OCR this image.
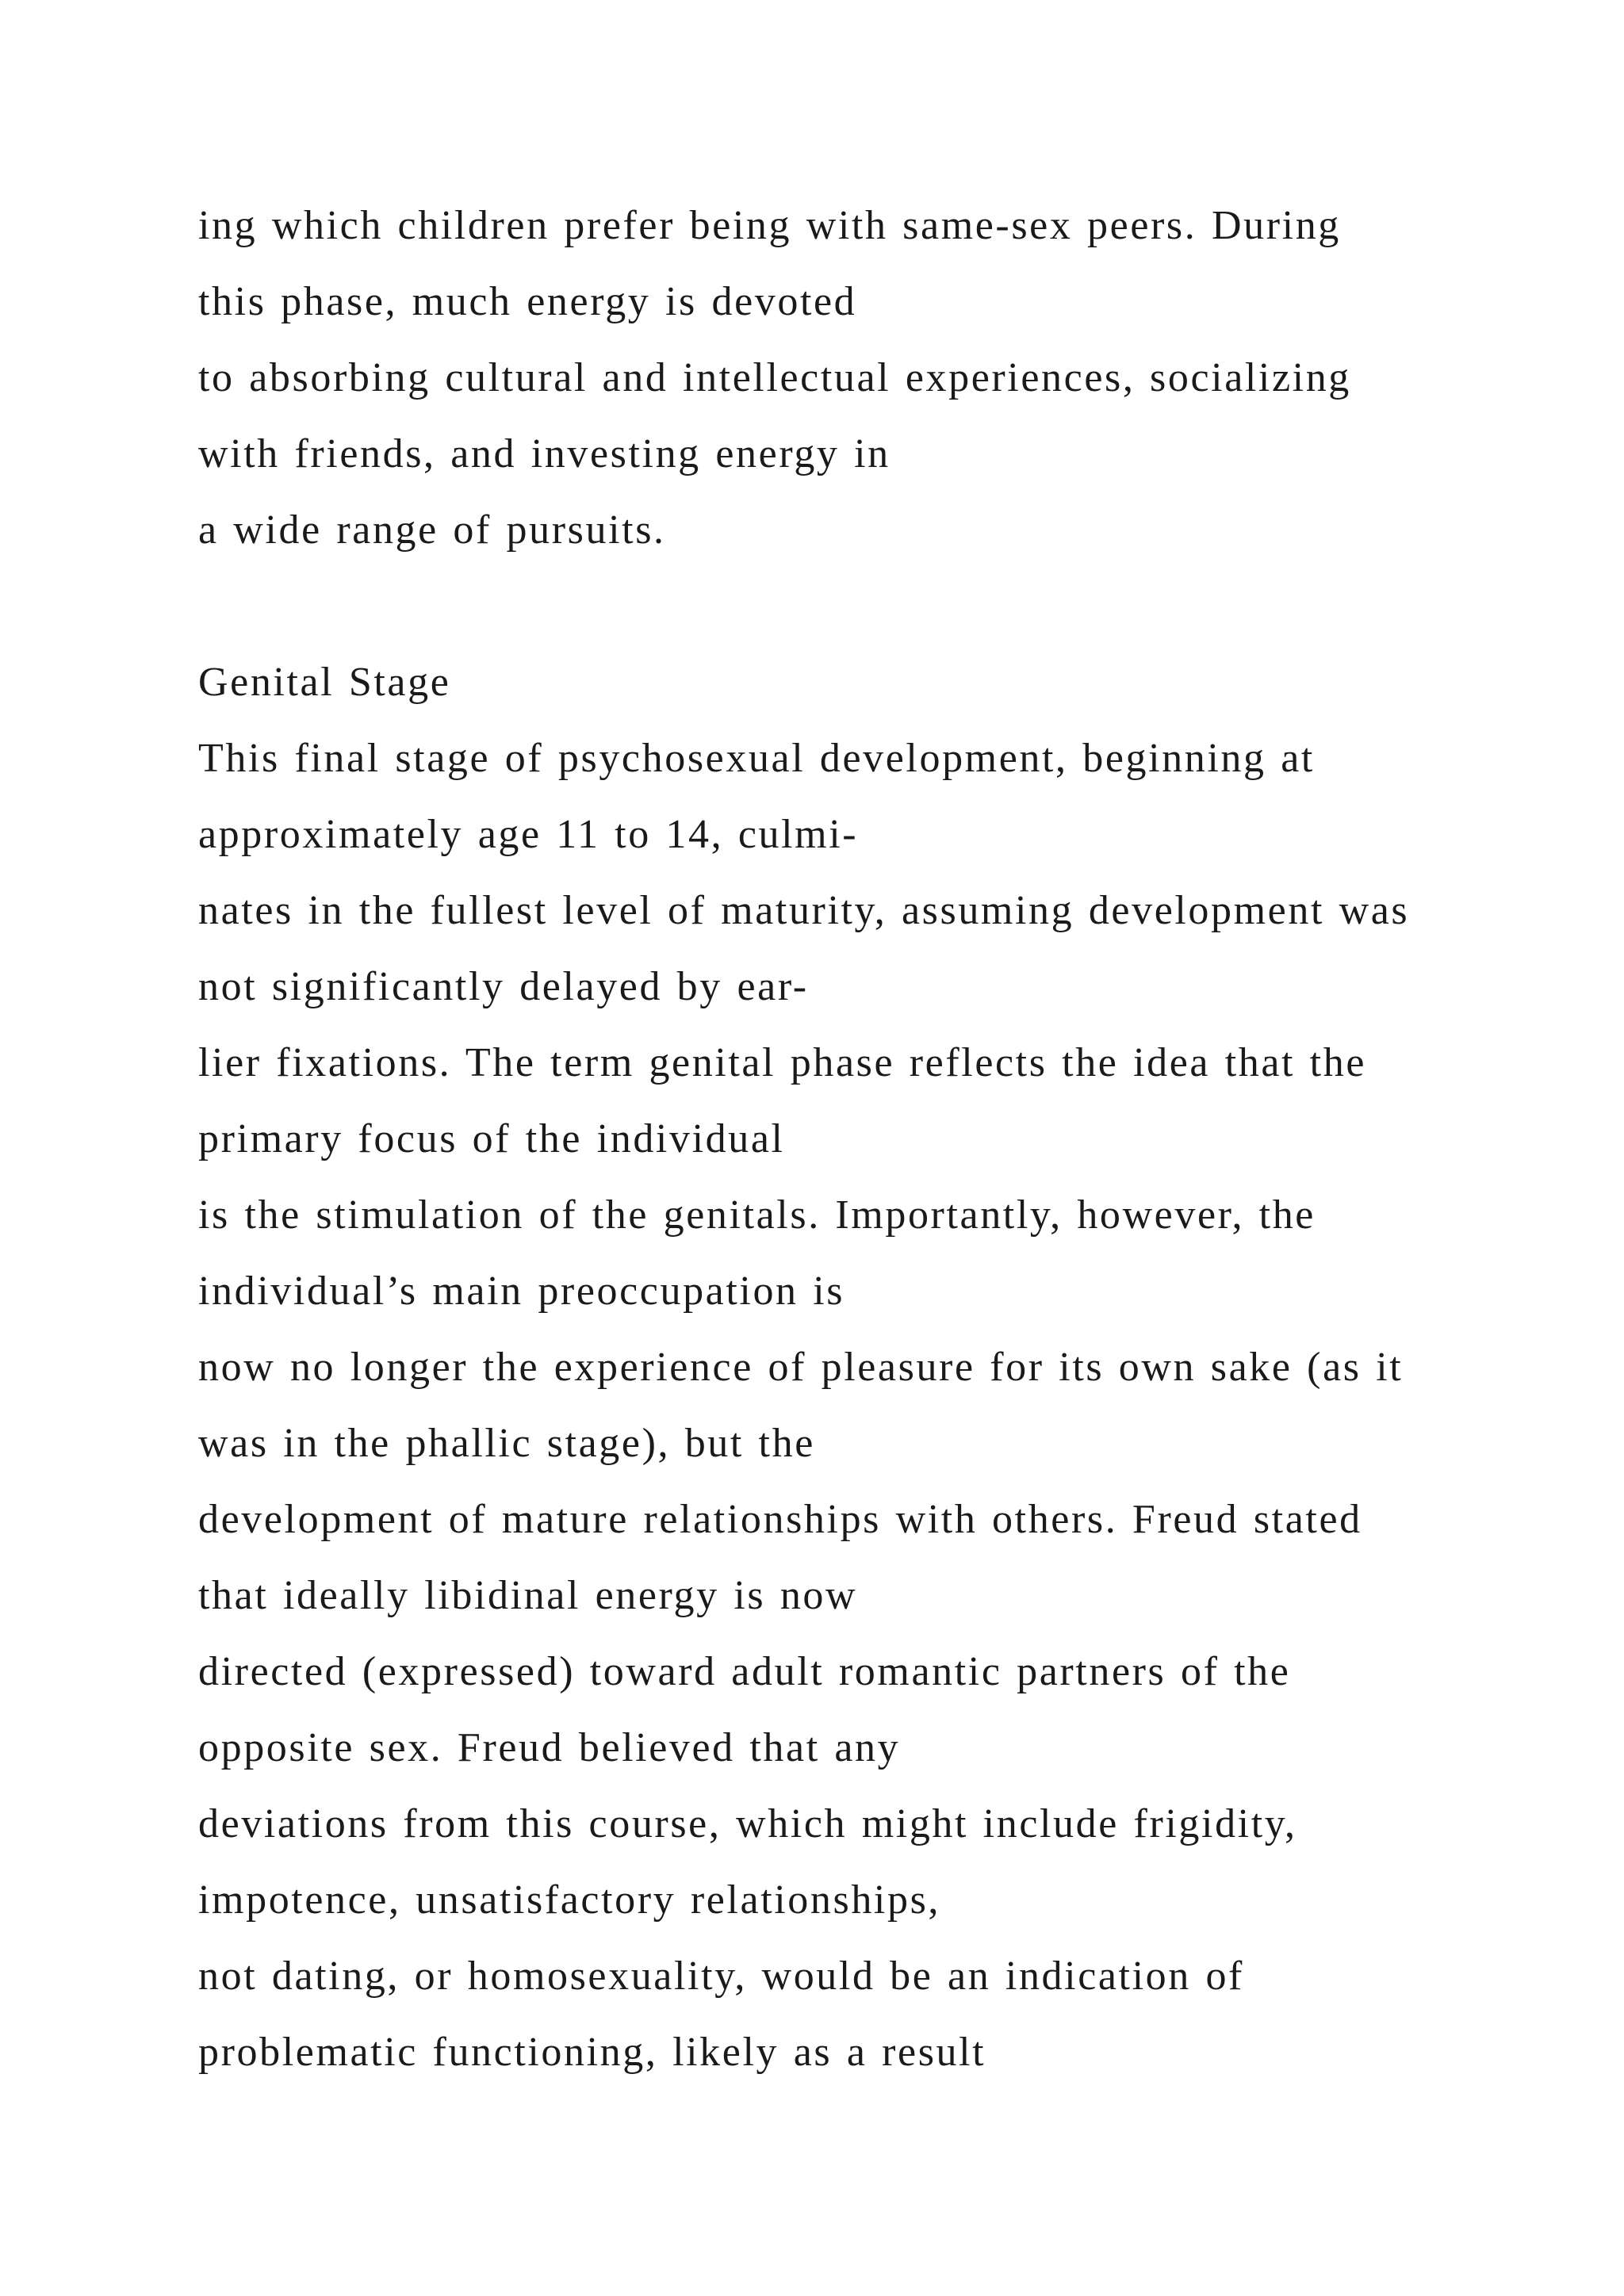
ing which children prefer being with same-sex peers. During
this phase, much energy is devoted
to absorbing cultural and intellectual experiences, socializing
with friends, and investing energy in
a wide range of pursuits.
Genital Stage
This final stage of psychosexual development, beginning at
approximately age 11 to 14, culmi-
nates in the fullest level of maturity, assuming development was
not significantly delayed by ear-
lier fixations. The term genital phase reflects the idea that the
primary focus of the individual
is the stimulation of the genitals. Importantly, however, the
individual’s main preoccupation is
now no longer the experience of pleasure for its own sake (as it
was in the phallic stage), but the
development of mature relationships with others. Freud stated
that ideally libidinal energy is now
directed (expressed) toward adult romantic partners of the
opposite sex. Freud believed that any
deviations from this course, which might include frigidity,
impotence, unsatisfactory relationships,
not dating, or homosexuality, would be an indication of
problematic functioning, likely as a result
